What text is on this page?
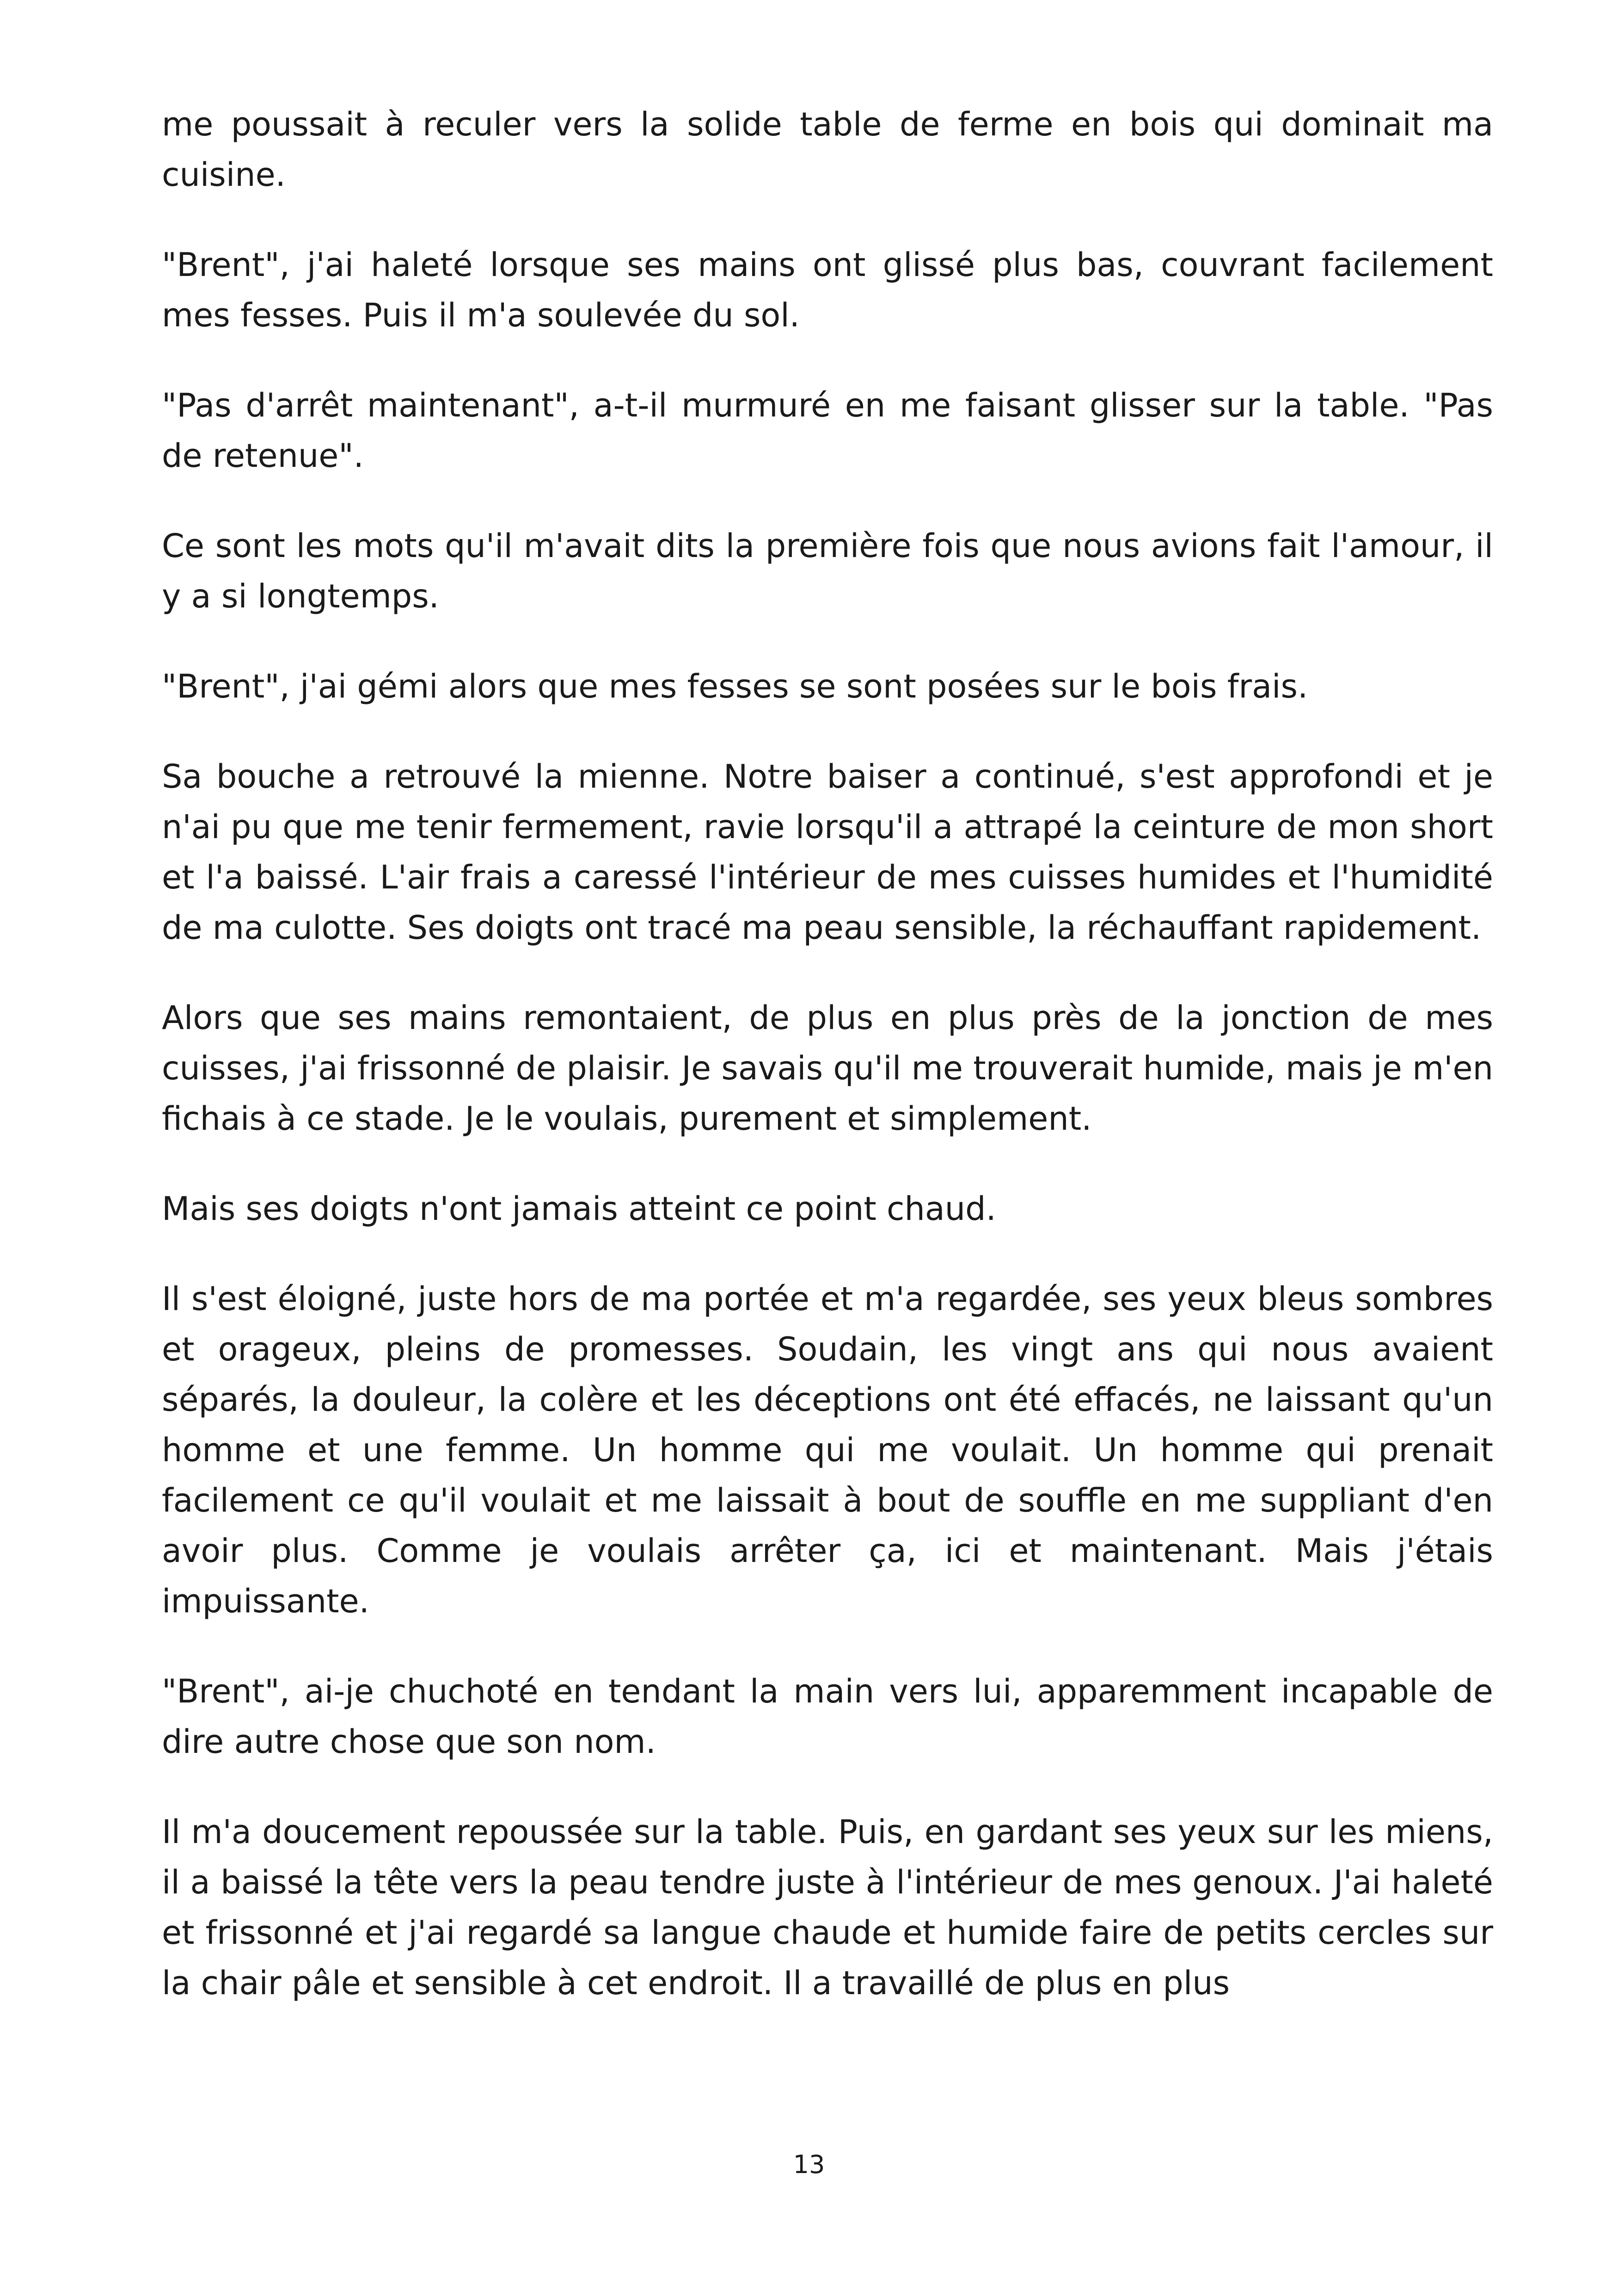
me poussait à reculer vers la solide table de ferme en bois qui dominait ma cuisine.

"Brent", j'ai haleté lorsque ses mains ont glissé plus bas, couvrant facilement mes fesses. Puis il m'a soulevée du sol.

"Pas d'arrêt maintenant", a-t-il murmuré en me faisant glisser sur la table. "Pas de retenue".

Ce sont les mots qu'il m'avait dits la première fois que nous avions fait l'amour, il y a si longtemps.

"Brent", j'ai gémi alors que mes fesses se sont posées sur le bois frais.

Sa bouche a retrouvé la mienne. Notre baiser a continué, s'est approfondi et je n'ai pu que me tenir fermement, ravie lorsqu'il a attrapé la ceinture de mon short et l'a baissé. L'air frais a caressé l'intérieur de mes cuisses humides et l'humidité de ma culotte. Ses doigts ont tracé ma peau sensible, la réchauffant rapidement.

Alors que ses mains remontaient, de plus en plus près de la jonction de mes cuisses, j'ai frissonné de plaisir. Je savais qu'il me trouverait humide, mais je m'en fichais à ce stade. Je le voulais, purement et simplement.

Mais ses doigts n'ont jamais atteint ce point chaud.

Il s'est éloigné, juste hors de ma portée et m'a regardée, ses yeux bleus sombres et orageux, pleins de promesses. Soudain, les vingt ans qui nous avaient séparés, la douleur, la colère et les déceptions ont été effacés, ne laissant qu'un homme et une femme. Un homme qui me voulait. Un homme qui prenait facilement ce qu'il voulait et me laissait à bout de souffle en me suppliant d'en avoir plus. Comme je voulais arrêter ça, ici et maintenant. Mais j'étais impuissante.

"Brent", ai-je chuchoté en tendant la main vers lui, apparemment incapable de dire autre chose que son nom.

Il m'a doucement repoussée sur la table. Puis, en gardant ses yeux sur les miens, il a baissé la tête vers la peau tendre juste à l'intérieur de mes genoux. J'ai haleté et frissonné et j'ai regardé sa langue chaude et humide faire de petits cercles sur la chair pâle et sensible à cet endroit. Il a travaillé de plus en plus

13
